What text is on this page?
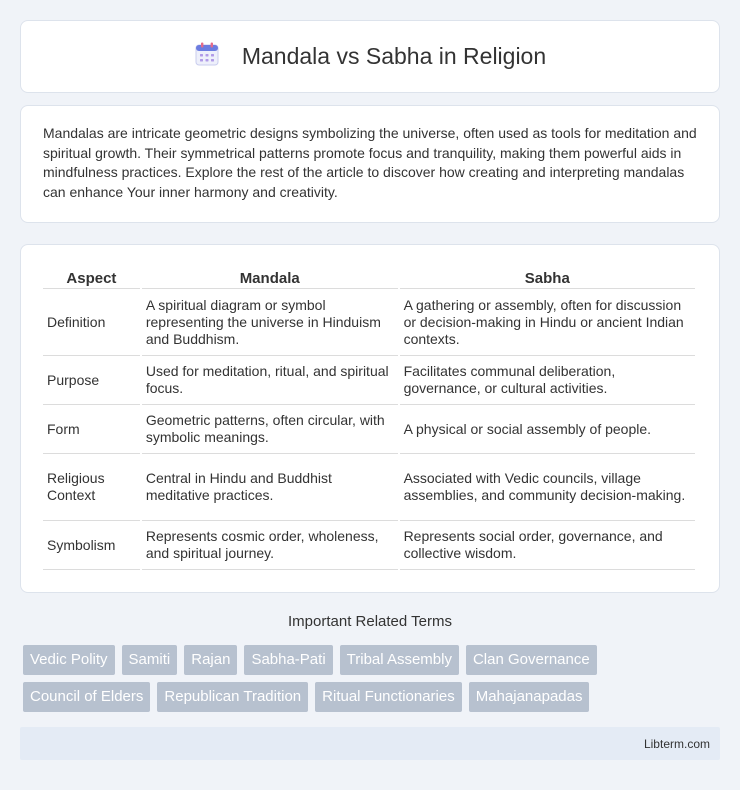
Mandala vs Sabha in Religion

Mandalas are intricate geometric designs symbolizing the universe, often used as tools for meditation and spiritual growth. Their symmetrical patterns promote focus and tranquility, making them powerful aids in mindfulness practices. Explore the rest of the article to discover how creating and interpreting mandalas can enhance Your inner harmony and creativity.

Aspect	Mandala	Sabha
Definition	A spiritual diagram or symbol representing the universe in Hinduism and Buddhism.	A gathering or assembly, often for discussion or decision-making in Hindu or ancient Indian contexts.
Purpose	Used for meditation, ritual, and spiritual focus.	Facilitates communal deliberation, governance, or cultural activities.
Form	Geometric patterns, often circular, with symbolic meanings.	A physical or social assembly of people.
Religious Context	Central in Hindu and Buddhist meditative practices.	Associated with Vedic councils, village assemblies, and community decision-making.
Symbolism	Represents cosmic order, wholeness, and spiritual journey.	Represents social order, governance, and collective wisdom.
Important Related Terms
Vedic Polity	Samiti	Rajan	Sabha-Pati	Tribal Assembly	Clan Governance
Council of Elders	Republican Tradition	Ritual Functionaries	Mahajanapadas
Libterm.com
